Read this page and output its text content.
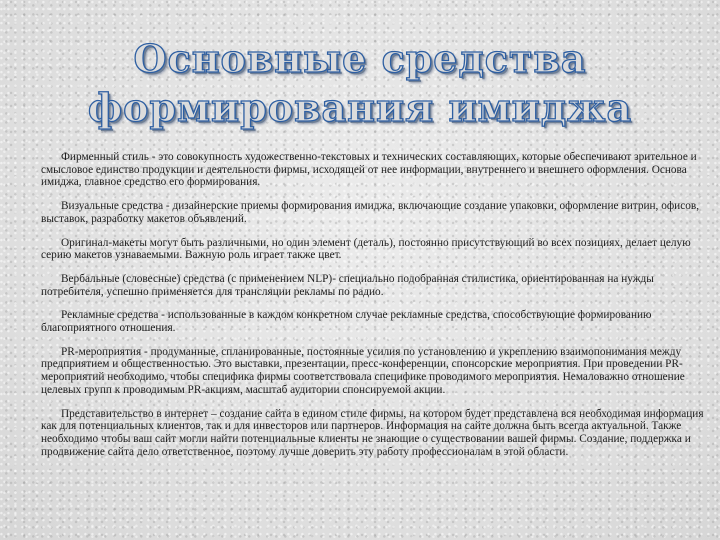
Основные средства
формирования имиджа

Фирменный стиль - это совокупность художественно-текстовых и технических составляющих, которые обеспечивают зрительное и смысловое единство продукции и деятельности фирмы, исходящей от нее информации, внутреннего и внешнего оформления. Основа имиджа, главное средство его формирования.

Визуальные средства - дизайнерские приемы формирования имиджа, включающие создание упаковки, оформление витрин, офисов, выставок, разработку макетов объявлений.

Оригинал-макеты могут быть различными, но один элемент (деталь), постоянно присутствующий во всех позициях, делает целую серию макетов узнаваемыми. Важную роль играет также цвет.

Вербальные (словесные) средства (с применением NLP)- специально подобранная стилистика, ориентированная на нужды потребителя, успешно применяется для трансляции рекламы по радио.

Рекламные средства - использованные в каждом конкретном случае рекламные средства, способствующие формированию благоприятного отношения.

PR-мероприятия - продуманные, спланированные, постоянные усилия по установлению и укреплению взаимопонимания между предприятием и общественностью. Это выставки, презентации, пресс-конференции, спонсорские мероприятия. При проведении PR-мероприятий необходимо, чтобы специфика фирмы соответствовала специфике проводимого мероприятия. Немаловажно отношение целевых групп к проводимым PR-акциям, масштаб аудитории спонсируемой акции.

Представительство в интернет – создание сайта в едином стиле фирмы, на котором будет представлена вся необходимая информация как для потенциальных клиентов, так и для инвесторов или партнеров. Информация на сайте должна быть всегда актуальной. Также необходимо чтобы ваш сайт могли найти потенциальные клиенты не знающие о существовании вашей фирмы. Создание, поддержка и продвижение сайта дело ответственное, поэтому лучше доверить эту работу профессионалам в этой области.
